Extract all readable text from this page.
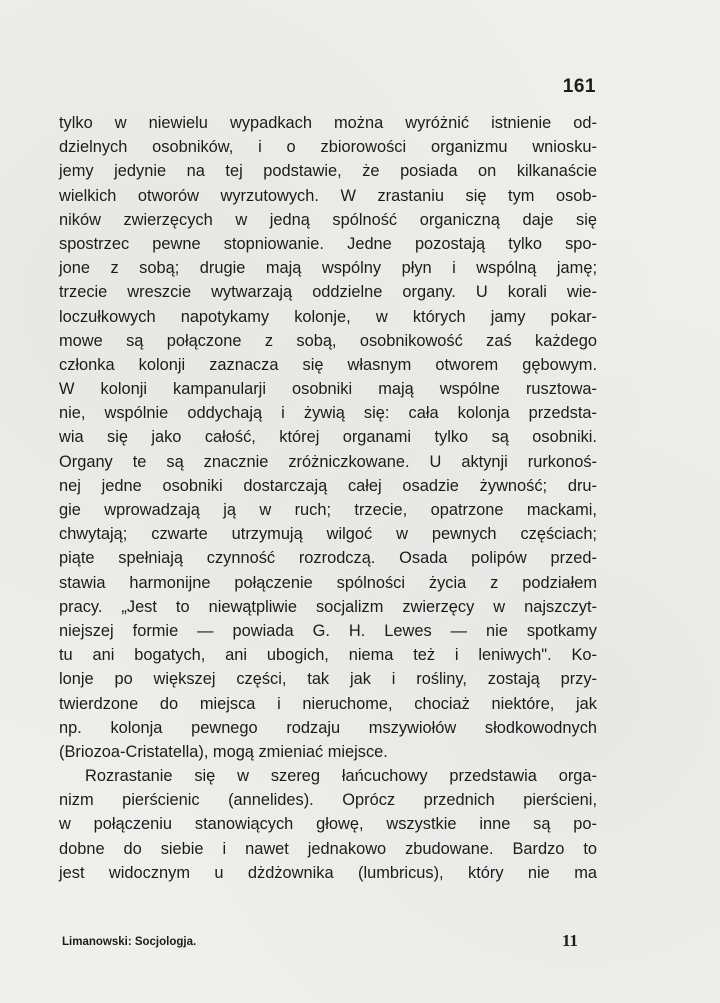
161
tylko w niewielu wypadkach można wyróżnić istnienie od-
dzielnych osobników, i o zbiorowości organizmu wniosku-
jemy jedynie na tej podstawie, że posiada on kilkanaście
wielkich otworów wyrzutowych. W zrastaniu się tym osob-
ników zwierzęcych w jedną spólność organiczną daje się
spostrzec pewne stopniowanie. Jedne pozostają tylko spo-
jone z sobą; drugie mają wspólny płyn i wspólną jamę;
trzecie wreszcie wytwarzają oddzielne organy. U korali wie-
loczułkowych napotykamy kolonje, w których jamy pokar-
mowe są połączone z sobą, osobnikowość zaś każdego
członka kolonji zaznacza się własnym otworem gębowym.
W kolonji kampanularji osobniki mają wspólne rusztowa-
nie, wspólnie oddychają i żywią się: cała kolonja przedsta-
wia się jako całość, której organami tylko są osobniki.
Organy te są znacznie zróżniczkowane. U aktynji rurkonoś-
nej jedne osobniki dostarczają całej osadzie żywność; dru-
gie wprowadzają ją w ruch; trzecie, opatrzone mackami,
chwytają; czwarte utrzymują wilgoć w pewnych częściach;
piąte spełniają czynność rozrodczą. Osada polipów przed-
stawia harmonijne połączenie spólności życia z podziałem
pracy. „Jest to niewątpliwie socjalizm zwierzęcy w najszczyt-
niejszej formie — powiada G. H. Lewes — nie spotkamy
tu ani bogatych, ani ubogich, niema też i leniwych". Ko-
lonje po większej części, tak jak i rośliny, zostają przy-
twierdzone do miejsca i nieruchome, chociaż niektóre, jak
np. kolonja pewnego rodzaju mszywiołów słodkowodnych
(Briozoa-Cristatella), mogą zmieniać miejsce.
Rozrastanie się w szereg łańcuchowy przedstawia orga-
nizm pierścienic (annelides). Oprócz przednich pierścieni,
w połączeniu stanowiących głowę, wszystkie inne są po-
dobne do siebie i nawet jednakowo zbudowane. Bardzo to
jest widocznym u dżdżownika (lumbricus), który nie ma
Limanowski: Socjologja.	11
